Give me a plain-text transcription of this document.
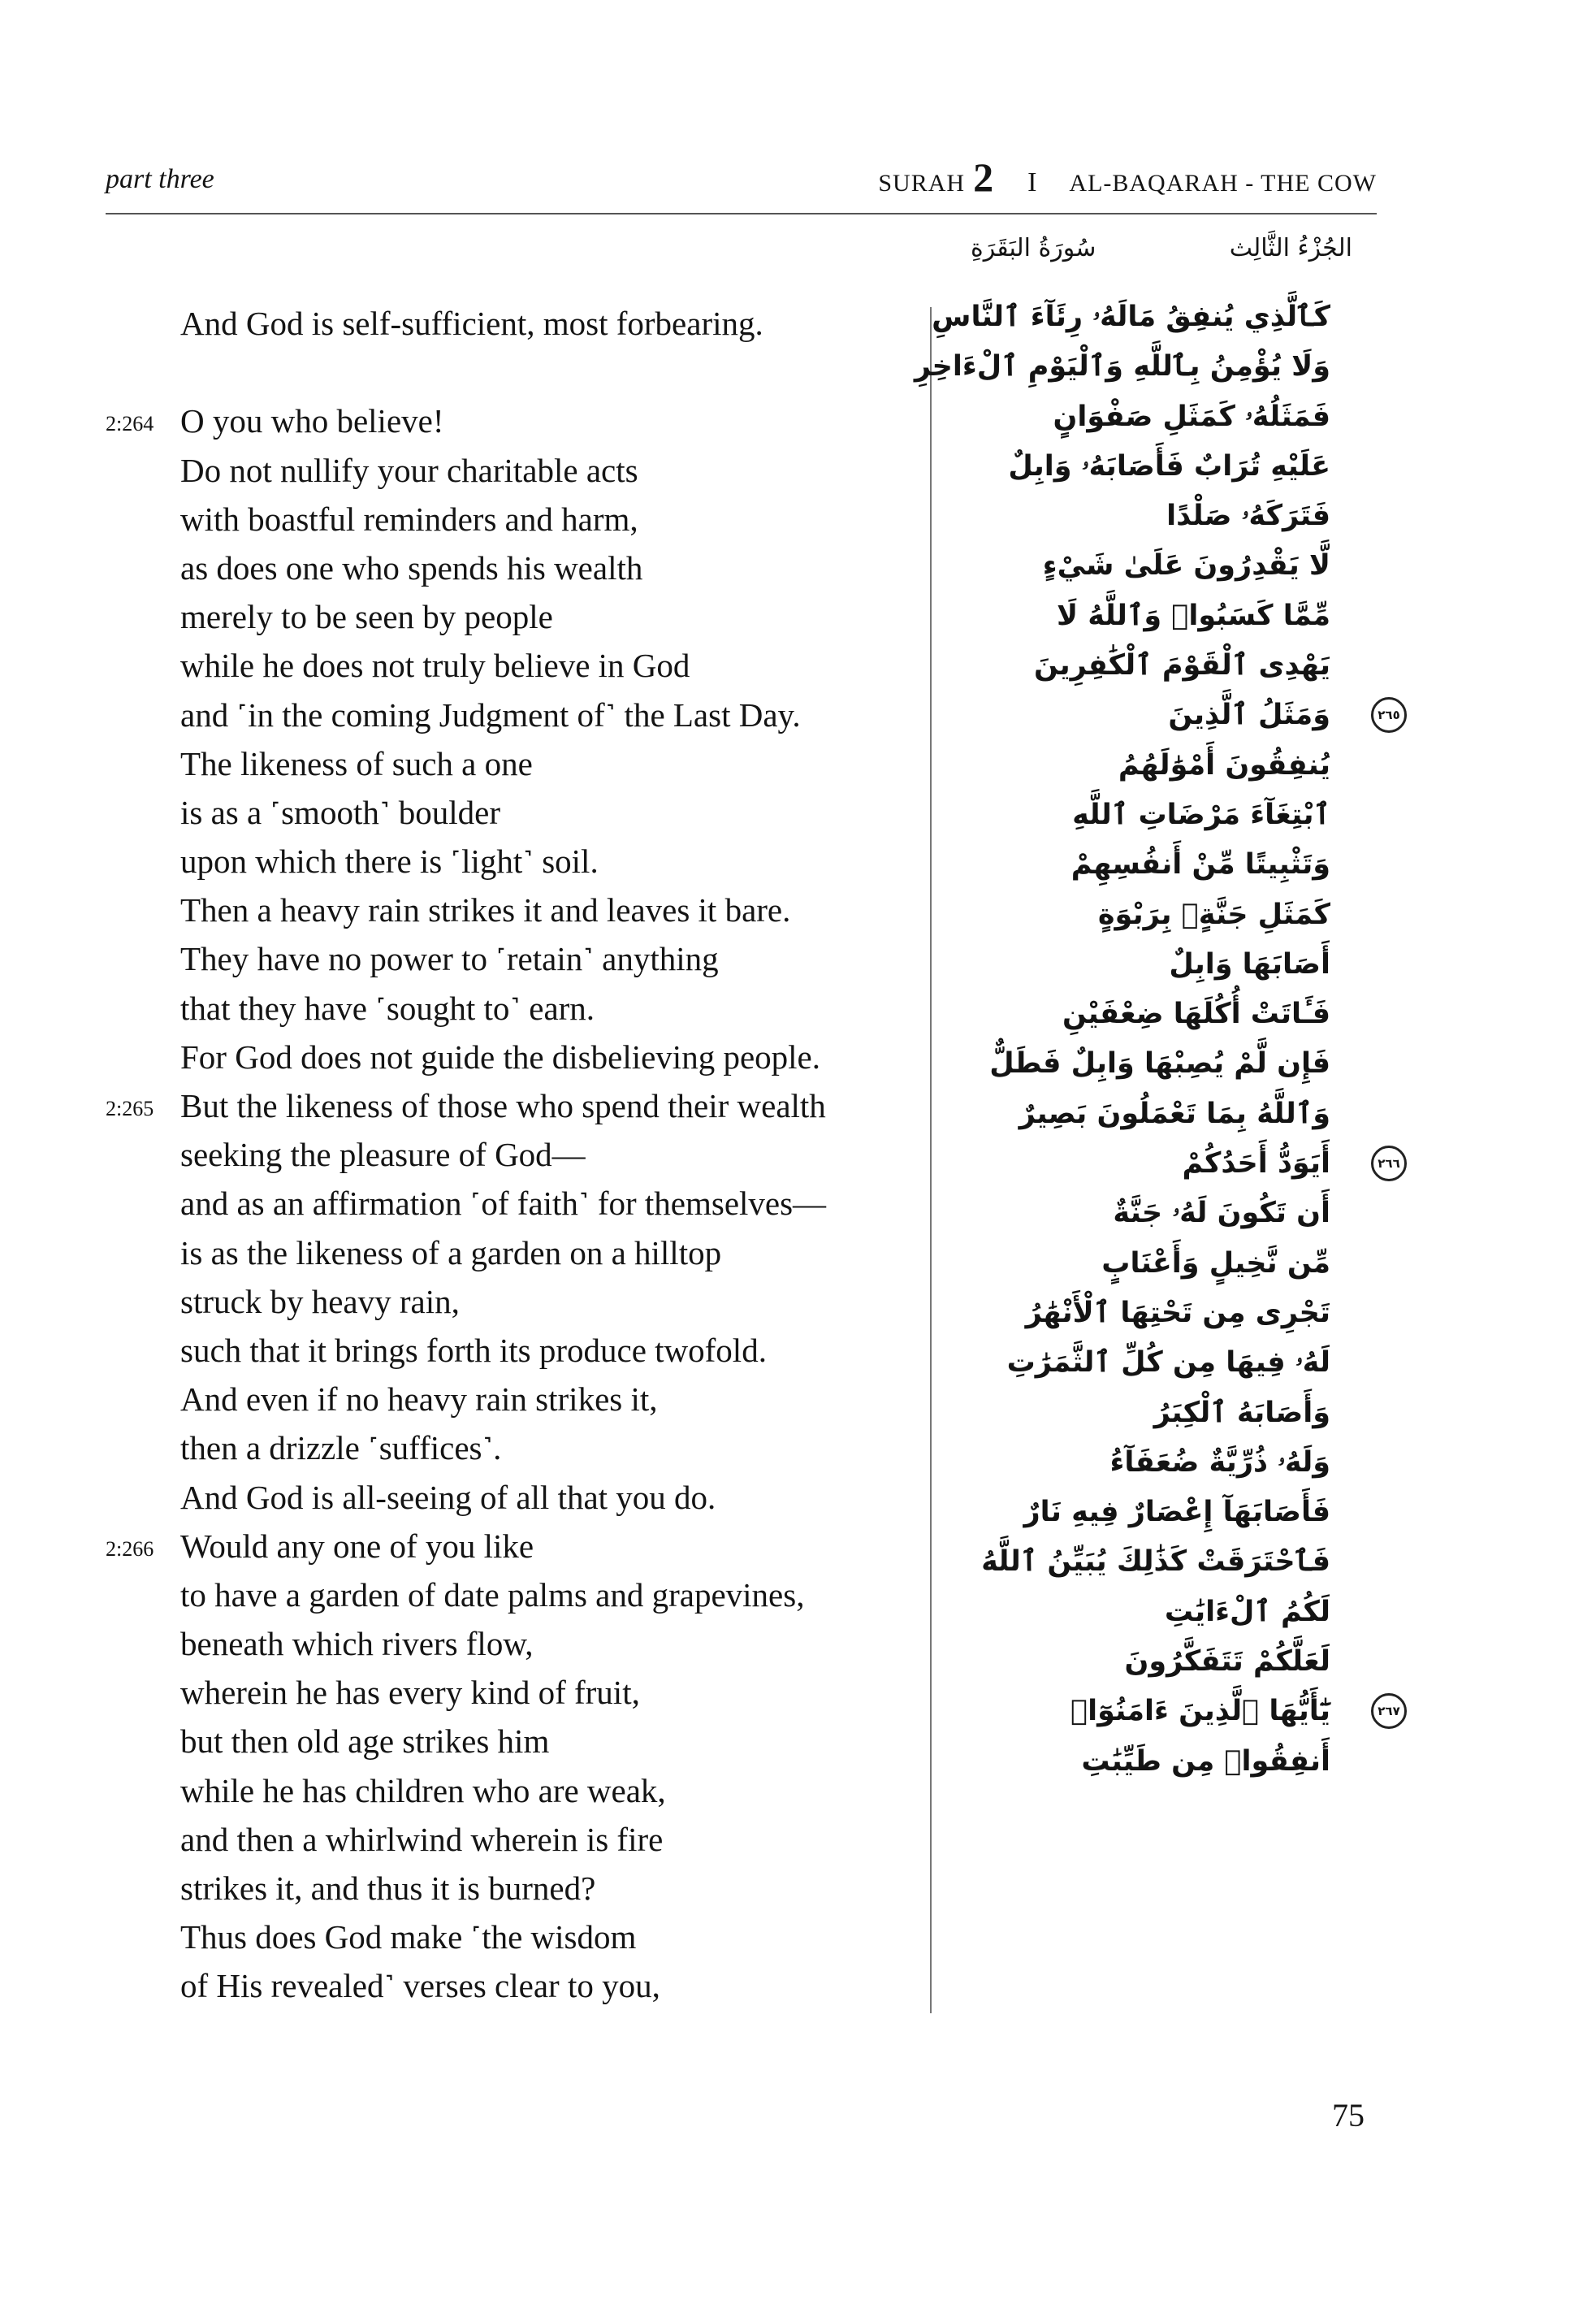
part three	SURAH 2 I AL-BAQARAH - THE COW
سُورَةُ البَقَرَةِ	الجُزْءُ الثَّالِث
And God is self-sufficient, most forbearing.
2:264 O you who believe!
Do not nullify your charitable acts
with boastful reminders and harm,
as does one who spends his wealth
merely to be seen by people
while he does not truly believe in God
and ˹in the coming Judgment of˺ the Last Day.
The likeness of such a one
is as a ˹smooth˺ boulder
upon which there is ˹light˺ soil.
Then a heavy rain strikes it and leaves it bare.
They have no power to ˹retain˺ anything
that they have ˹sought to˺ earn.
For God does not guide the disbelieving people.
2:265 But the likeness of those who spend their wealth
seeking the pleasure of God—
and as an affirmation ˹of faith˺ for themselves—
is as the likeness of a garden on a hilltop
struck by heavy rain,
such that it brings forth its produce twofold.
And even if no heavy rain strikes it,
then a drizzle ˹suffices˺.
And God is all-seeing of all that you do.
2:266 Would any one of you like
to have a garden of date palms and grapevines,
beneath which rivers flow,
wherein he has every kind of fruit,
but then old age strikes him
while he has children who are weak,
and then a whirlwind wherein is fire
strikes it, and thus it is burned?
Thus does God make ˹the wisdom
of His revealed˺ verses clear to you,
كَٱلَّذِي يُنفِقُ مَالَهُۥ رِئَآءَ ٱلنَّاسِ
وَلَا يُؤْمِنُ بِٱللَّهِ وَٱلْيَوْمِ ٱلْءَاخِرِ
فَمَثَلُهُۥ كَمَثَلِ صَفْوَانٍ
عَلَيْهِ تُرَابٌ فَأَصَابَهُۥ وَابِلٌ
فَتَرَكَهُۥ صَلْدًا
لَّا يَقْدِرُونَ عَلَىٰ شَيْءٍ
مِّمَّا كَسَبُوا۟ وَٱللَّهُ لَا
يَهْدِى ٱلْقَوْمَ ٱلْكَٰفِرِينَ
٢٦٥
وَمَثَلُ ٱلَّذِينَ
يُنفِقُونَ أَمْوَٰلَهُمُ
ٱبْتِغَآءَ مَرْضَاتِ ٱللَّهِ
وَتَثْبِيتًا مِّنْ أَنفُسِهِمْ
كَمَثَلِ جَنَّةٍۭ بِرَبْوَةٍ
أَصَابَهَا وَابِلٌ
فَـَٔاتَتْ أُكُلَهَا ضِعْفَيْنِ
فَإِن لَّمْ يُصِبْهَا وَابِلٌ فَطَلٌّ
وَٱللَّهُ بِمَا تَعْمَلُونَ بَصِيرٌ
٢٦٦
أَيَوَدُّ أَحَدُكُمْ
أَن تَكُونَ لَهُۥ جَنَّةٌ
مِّن نَّخِيلٍ وَأَعْنَابٍ
تَجْرِى مِن تَحْتِهَا ٱلْأَنْهَٰرُ
لَهُۥ فِيهَا مِن كُلِّ ٱلثَّمَرَٰتِ
وَأَصَابَهُ ٱلْكِبَرُ
وَلَهُۥ ذُرِّيَّةٌ ضُعَفَآءُ
فَأَصَابَهَآ إِعْصَارٌ فِيهِ نَارٌ
فَٱحْتَرَقَتْ كَذَٰلِكَ يُبَيِّنُ ٱللَّهُ
لَكُمُ ٱلْءَايَٰتِ
لَعَلَّكُمْ تَتَفَكَّرُونَ
٢٦٧
يَٰٓأَيُّهَا ٱلَّذِينَ ءَامَنُوٓا۟
أَنفِقُوا۟ مِن طَيِّبَٰتِ
75
